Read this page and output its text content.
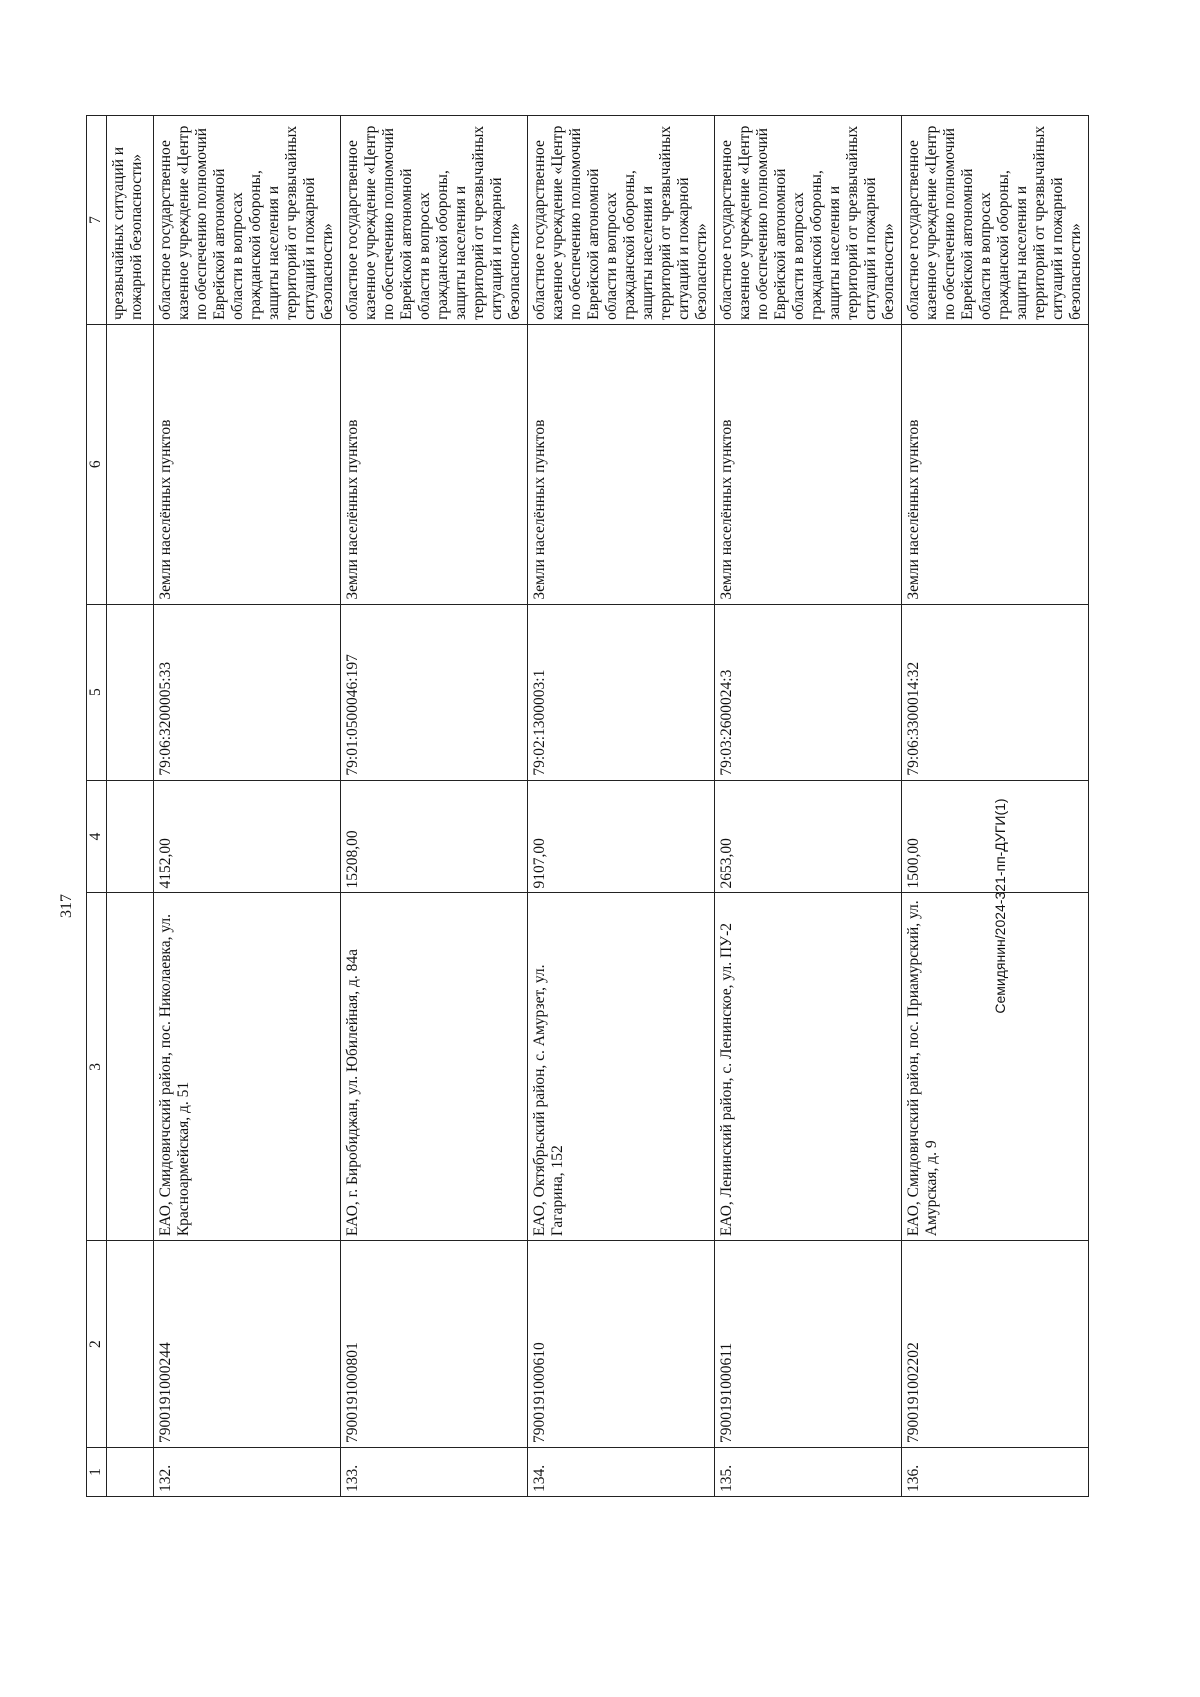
317
1	2	3	4	5	6	7
						чрезвычайных ситуаций и пожарной безопасности»
132.	7900191000244	ЕАО, Смидовичский район, пос. Николаевка, ул. Красноармейская, д. 51	4152,00	79:06:3200005:33	Земли населённых пунктов	областное государственное казенное учреждение «Центр по обеспечению полномочий Еврейской автономной области в вопросах гражданской обороны, защиты населения и территорий от чрезвычайных ситуаций и пожарной безопасности»
133.	7900191000801	ЕАО, г. Биробиджан, ул. Юбилейная, д. 84а	15208,00	79:01:0500046:197	Земли населённых пунктов	областное государственное казенное учреждение «Центр по обеспечению полномочий Еврейской автономной области в вопросах гражданской обороны, защиты населения и территорий от чрезвычайных ситуаций и пожарной безопасности»
134.	7900191000610	ЕАО, Октябрьский район, с. Амурзет, ул. Гагарина, 152	9107,00	79:02:1300003:1	Земли населённых пунктов	областное государственное казенное учреждение «Центр по обеспечению полномочий Еврейской автономной области в вопросах гражданской обороны, защиты населения и территорий от чрезвычайных ситуаций и пожарной безопасности»
135.	7900191000611	ЕАО, Ленинский район, с. Ленинское, ул. ПУ-2	2653,00	79:03:2600024:3	Земли населённых пунктов	областное государственное казенное учреждение «Центр по обеспечению полномочий Еврейской автономной области в вопросах гражданской обороны, защиты населения и территорий от чрезвычайных ситуаций и пожарной безопасности»
136.	7900191002202	ЕАО, Смидовичский район, пос. Приамурский, ул. Амурская, д. 9	1500,00	79:06:3300014:32	Земли населённых пунктов	областное государственное казенное учреждение «Центр по обеспечению полномочий Еврейской автономной области в вопросах гражданской обороны, защиты населения и территорий от чрезвычайных ситуаций и пожарной безопасности»
Семидянин/2024-321-пп-ДУГИ(1)
